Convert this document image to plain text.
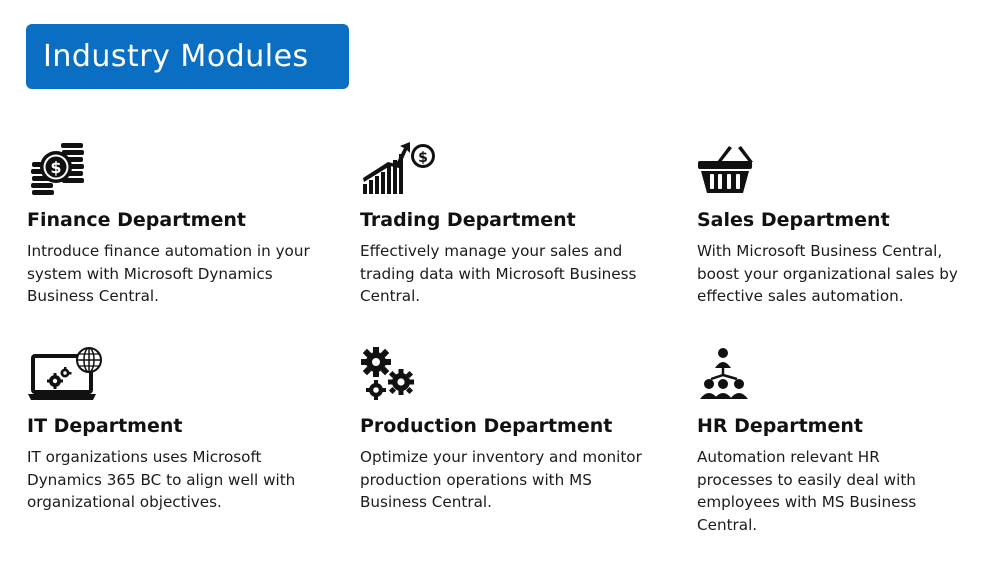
Industry Modules
$
Finance Department
Introduce finance automation in your system with Microsoft Dynamics Business Central.
$
Trading Department
Effectively manage your sales and trading data with Microsoft Business Central.
Sales Department
With Microsoft Business Central, boost your organizational sales by effective sales automation.
IT Department
IT organizations uses Microsoft Dynamics 365 BC to align well with organizational objectives.
Production Department
Optimize your inventory and monitor production operations with MS Business Central.
HR Department
Automation relevant HR processes to easily deal with employees with MS Business Central.
